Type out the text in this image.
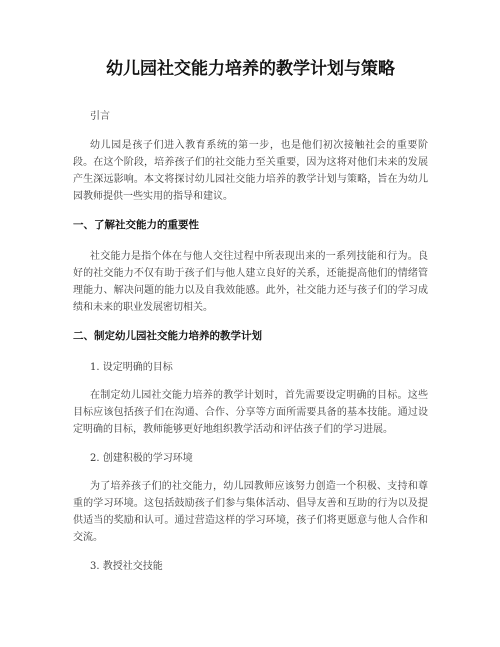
幼儿园社交能力培养的教学计划与策略
引言

幼儿园是孩子们进入教育系统的第一步，也是他们初次接触社会的重要阶段。在这个阶段，培养孩子们的社交能力至关重要，因为这将对他们未来的发展产生深远影响。本文将探讨幼儿园社交能力培养的教学计划与策略，旨在为幼儿园教师提供一些实用的指导和建议。

一、了解社交能力的重要性

社交能力是指个体在与他人交往过程中所表现出来的一系列技能和行为。良好的社交能力不仅有助于孩子们与他人建立良好的关系，还能提高他们的情绪管理能力、解决问题的能力以及自我效能感。此外，社交能力还与孩子们的学习成绩和未来的职业发展密切相关。

二、制定幼儿园社交能力培养的教学计划
1. 设定明确的目标

在制定幼儿园社交能力培养的教学计划时，首先需要设定明确的目标。这些目标应该包括孩子们在沟通、合作、分享等方面所需要具备的基本技能。通过设定明确的目标，教师能够更好地组织教学活动和评估孩子们的学习进展。

2. 创建积极的学习环境

为了培养孩子们的社交能力，幼儿园教师应该努力创造一个积极、支持和尊重的学习环境。这包括鼓励孩子们参与集体活动、倡导友善和互助的行为以及提供适当的奖励和认可。通过营造这样的学习环境，孩子们将更愿意与他人合作和交流。

3. 教授社交技能
